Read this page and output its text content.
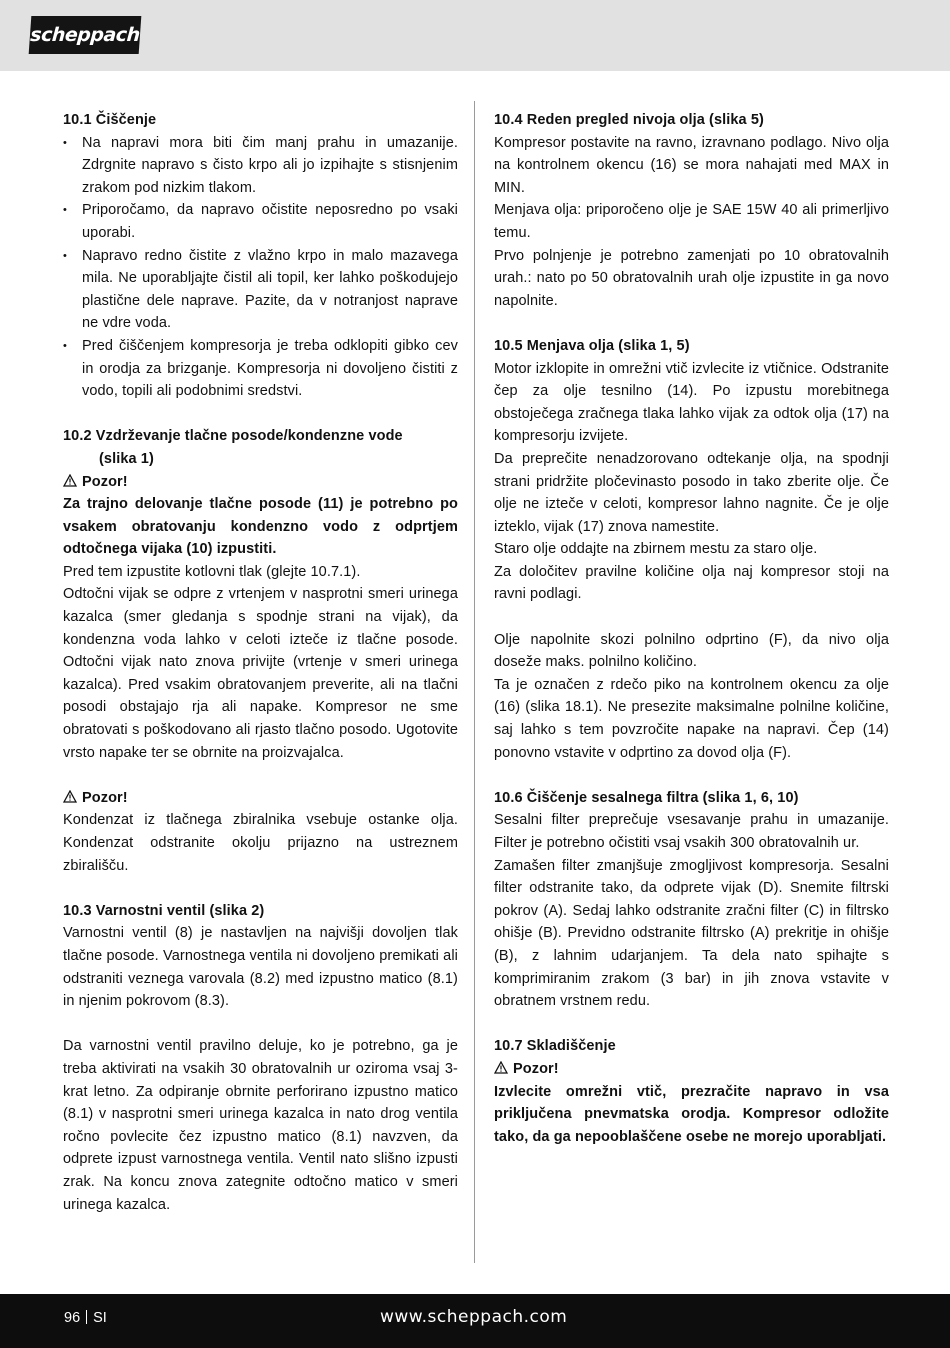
scheppach

10.1 Čiščenje

• Na napravi mora biti čim manj prahu in umazanije. Zdrgnite napravo s čisto krpo ali jo izpihajte s stisnjenim zrakom pod nizkim tlakom.
• Priporočamo, da napravo očistite neposredno po vsaki uporabi.
• Napravo redno čistite z vlažno krpo in malo mazavega mila. Ne uporabljajte čistil ali topil, ker lahko poškodujejo plastične dele naprave. Pazite, da v notranjost naprave ne vdre voda.
• Pred čiščenjem kompresorja je treba odklopiti gibko cev in orodja za brizganje. Kompresorja ni dovoljeno čistiti z vodo, topili ali podobnimi sredstvi.

10.2 Vzdrževanje tlačne posode/kondenzne vode

(slika 1)

Pozor!

Za trajno delovanje tlačne posode (11) je potrebno po vsakem obratovanju kondenzno vodo z odprtjem odtočnega vijaka (10) izpustiti.

Pred tem izpustite kotlovni tlak (glejte 10.7.1).

Odtočni vijak se odpre z vrtenjem v nasprotni smeri urinega kazalca (smer gledanja s spodnje strani na vijak), da kondenzna voda lahko v celoti izteče iz tlačne posode. Odtočni vijak nato znova privijte (vrtenje v smeri urinega kazalca). Pred vsakim obratovanjem preverite, ali na tlačni posodi obstajajo rja ali napake. Kompresor ne sme obratovati s poškodovano ali rjasto tlačno posodo. Ugotovite vrsto napake ter se obrnite na proizvajalca.

Pozor!

Kondenzat iz tlačnega zbiralnika vsebuje ostanke olja. Kondenzat odstranite okolju prijazno na ustreznem zbirališču.

10.3 Varnostni ventil (slika 2)

Varnostni ventil (8) je nastavljen na najvišji dovoljen tlak tlačne posode. Varnostnega ventila ni dovoljeno premikati ali odstraniti veznega varovala (8.2) med izpustno matico (8.1) in njenim pokrovom (8.3).

Da varnostni ventil pravilno deluje, ko je potrebno, ga je treba aktivirati na vsakih 30 obratovalnih ur oziroma vsaj 3-krat letno. Za odpiranje obrnite perforirano izpustno matico (8.1) v nasprotni smeri urinega kazalca in nato drog ventila ročno povlecite čez izpustno matico (8.1) navzven, da odprete izpust varnostnega ventila. Ventil nato slišno izpusti zrak. Na koncu znova zategnite odtočno matico v smeri urinega kazalca.

10.4 Reden pregled nivoja olja (slika 5)

Kompresor postavite na ravno, izravnano podlago. Nivo olja na kontrolnem okencu (16) se mora nahajati med MAX in MIN.

Menjava olja: priporočeno olje je SAE 15W 40 ali primerljivo temu.

Prvo polnjenje je potrebno zamenjati po 10 obratovalnih urah.: nato po 50 obratovalnih urah olje izpustite in ga novo napolnite.

10.5 Menjava olja (slika 1, 5)

Motor izklopite in omrežni vtič izvlecite iz vtičnice. Odstranite čep za olje tesnilno (14). Po izpustu morebitnega obstoječega zračnega tlaka lahko vijak za odtok olja (17) na kompresorju izvijete.

Da preprečite nenadzorovano odtekanje olja, na spodnji strani pridržite pločevinasto posodo in tako zberite olje. Če olje ne izteče v celoti, kompresor lahno nagnite. Če je olje izteklo, vijak (17) znova namestite.

Staro olje oddajte na zbirnem mestu za staro olje.

Za določitev pravilne količine olja naj kompresor stoji na ravni podlagi.

Olje napolnite skozi polnilno odprtino (F), da nivo olja doseže maks. polnilno količino.

Ta je označen z rdečo piko na kontrolnem okencu za olje (16) (slika 18.1). Ne presezite maksimalne polnilne količine, saj lahko s tem povzročite napake na napravi. Čep (14) ponovno vstavite v odprtino za dovod olja (F).

10.6 Čiščenje sesalnega filtra (slika 1, 6, 10)

Sesalni filter preprečuje vsesavanje prahu in umazanije. Filter je potrebno očistiti vsaj vsakih 300 obratovalnih ur.

Zamašen filter zmanjšuje zmogljivost kompresorja. Sesalni filter odstranite tako, da odprete vijak (D). Snemite filtrski pokrov (A). Sedaj lahko odstranite zračni filter (C) in filtrsko ohišje (B). Previdno odstranite filtrsko (A) prekritje in ohišje (B), z lahnim udarjanjem. Ta dela nato spihajte s komprimiranim zrakom (3 bar) in jih znova vstavite v obratnem vrstnem redu.

10.7 Skladiščenje

Pozor!

Izvlecite omrežni vtič, prezračite napravo in vsa priključena pnevmatska orodja. Kompresor odložite tako, da ga nepooblaščene osebe ne morejo uporabljati.

96 SI	www.scheppach.com
